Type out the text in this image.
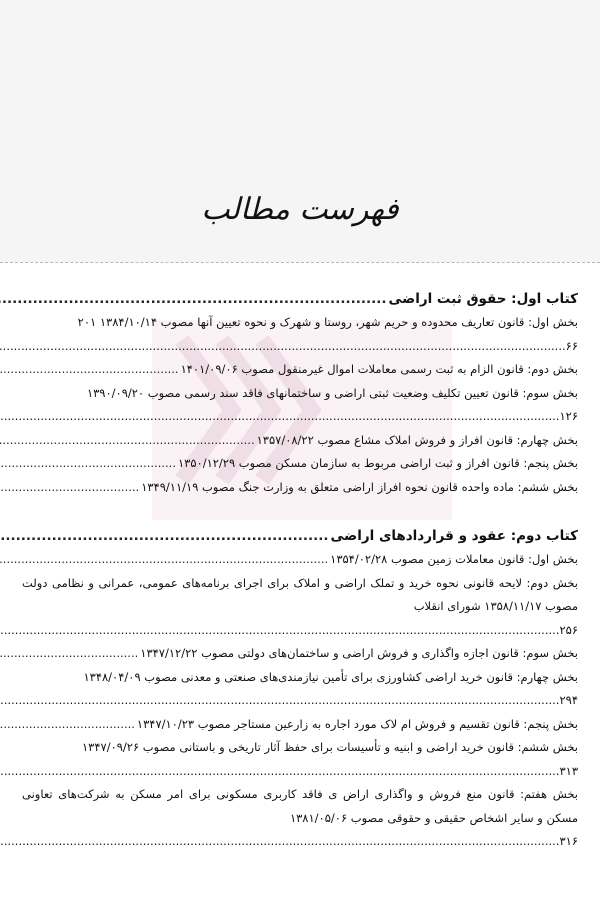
فهرست مطالب
کتاب اول: حقوق ثبت اراضی
.....
بخش اول: قانون تعاریف محدوده و حریم شهر، روستا و شهرک و نحوه تعیین آنها مصوب ۱۳۸۴/۱۰/۱۴ ۲۰۱
۶۶
.....
بخش دوم: قانون الزام به ثبت رسمی معاملات اموال غیرمنقول مصوب ۱۴۰۱/۰۹/۰۶
.....
بخش سوم: قانون تعیین تکلیف وضعیت ثبتی اراضی و ساختمانهای فاقد سند رسمی مصوب ۱۳۹۰/۰۹/۲۰
۱۲۶
.....
بخش چهارم: قانون افراز و فروش املاک مشاع مصوب ۱۳۵۷/۰۸/۲۲
.....
بخش پنجم: قانون افراز و ثبت اراضی مربوط به سازمان مسکن مصوب ۱۳۵۰/۱۲/۲۹
.....
بخش ششم: ماده واحده قانون نحوه افراز اراضی متعلق به وزارت جنگ مصوب ۱۳۴۹/۱۱/۱۹
.....
کتاب دوم: عقود و قراردادهای اراضی
.....
بخش اول: قانون معاملات زمین مصوب ۱۳۵۴/۰۲/۲۸
.....
بخش دوم: لایحه قانونی نحوه خرید و تملک اراضی و املاک برای اجرای برنامه‌های عمومی، عمرانی و نظامی دولت مصوب ۱۳۵۸/۱۱/۱۷ شورای انقلاب
۲۵۶
.....
بخش سوم: قانون اجازه واگذاری و فروش اراضی و ساختمان‌های دولتی مصوب ۱۳۴۷/۱۲/۲۲
.....
بخش چهارم: قانون خرید اراضی کشاورزی برای تأمین نیازمندی‌های صنعتی و معدنی مصوب ۱۳۴۸/۰۴/۰۹
۲۹۴
.....
بخش پنجم: قانون تقسیم و فروش ام لاک مورد اجاره به زارعین مستاجر مصوب ۱۳۴۷/۱۰/۲۳
.....
بخش ششم: قانون خرید اراضی و ابنیه و تأسیسات برای حفظ آثار تاریخی و باستانی مصوب ۱۳۴۷/۰۹/۲۶
۳۱۳
.....
بخش هفتم: قانون منع فروش و واگذاری اراض ی فاقد کاربری مسکونی برای امر مسکن به شرکت‌های تعاونی مسکن و سایر اشخاص حقیقی و حقوقی مصوب ۱۳۸۱/۰۵/۰۶
۳۱۶
.....
